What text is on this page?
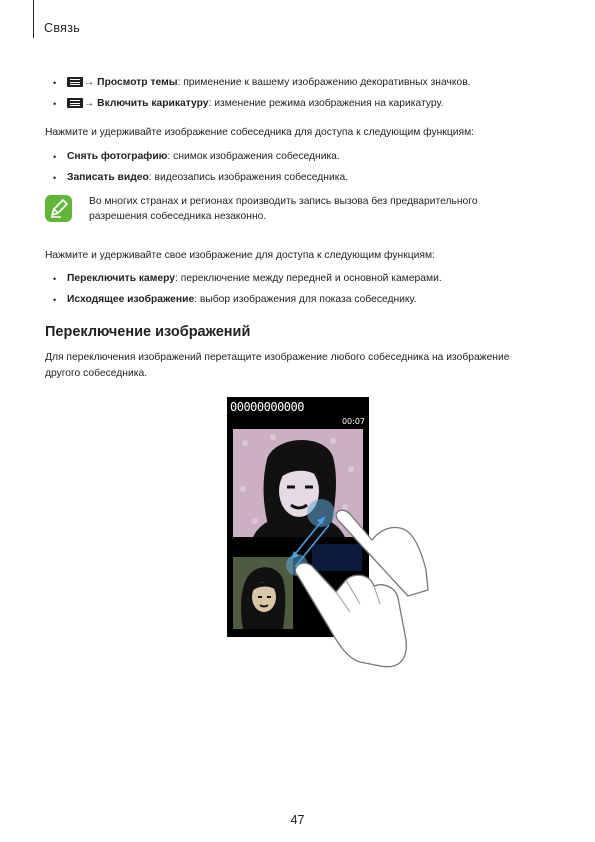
Связь
•	→ Просмотр темы: применение к вашему изображению декоративных значков.
•	→ Включить карикатуру: изменение режима изображения на карикатуру.
Нажмите и удерживайте изображение собеседника для доступа к следующим функциям:
• Снять фотографию: снимок изображения собеседника.
• Записать видео: видеозапись изображения собеседника.
Во многих странах и регионах производить запись вызова без предварительного
разрешения собеседника незаконно.
Нажмите и удерживайте свое изображение для доступа к следующим функциям:
• Переключить камеру: переключение между передней и основной камерами.
• Исходящее изображение: выбор изображения для показа собеседнику.
Переключение изображений
Для переключения изображений перетащите изображение любого собеседника на изображение
другого собеседника.
00000000000
00:07
47
